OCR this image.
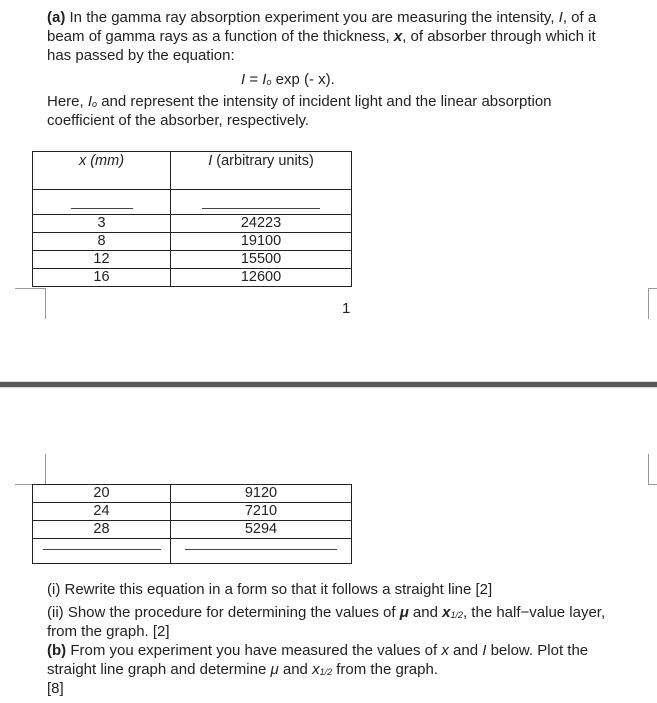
(a) In the gamma ray absorption experiment you are measuring the intensity, I, of a
beam of gamma rays as a function of the thickness, x, of absorber through which it
has passed by the equation:
I = Io exp (- x).
Here, Io and represent the intensity of incident light and the linear absorption
coefficient of the absorber, respectively.
x (mm)	I (arbitrary units)

3	24223
8	19100
12	15500
16	12600
1
20	9120
24	7210
28	5294

(i) Rewrite this equation in a form so that it follows a straight line [2]
(ii) Show the procedure for determining the values of μ and x1/2, the half−value layer,
from the graph. [2]
(b) From you experiment you have measured the values of x and I below. Plot the
straight line graph and determine μ and x1/2 from the graph.
[8]
